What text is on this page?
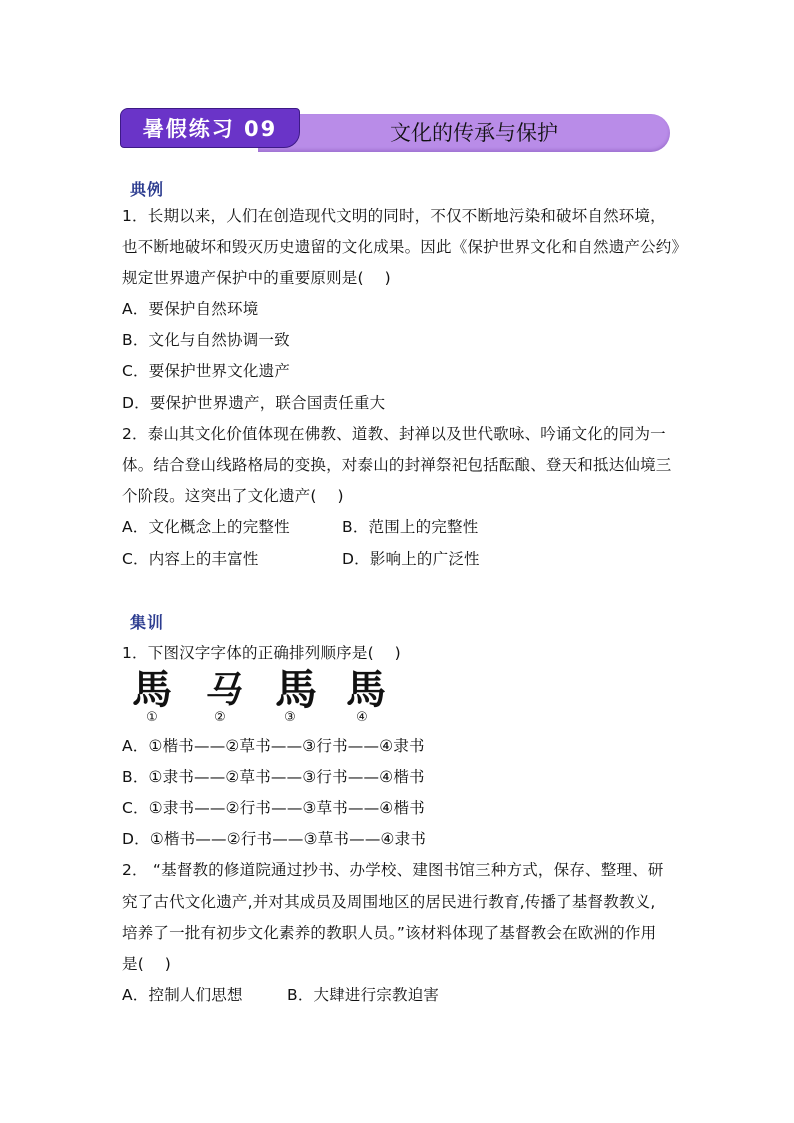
暑假练习 09	文化的传承与保护
典例
1．长期以来，人们在创造现代文明的同时，不仅不断地污染和破坏自然环境，
也不断地破坏和毁灭历史遗留的文化成果。因此《保护世界文化和自然遗产公约》
规定世界遗产保护中的重要原则是(　 )
A．要保护自然环境
B．文化与自然协调一致
C．要保护世界文化遗产
D．要保护世界遗产，联合国责任重大
2．泰山其文化价值体现在佛教、道教、封禅以及世代歌咏、吟诵文化的同为一
体。结合登山线路格局的变换，对泰山的封禅祭祀包括酝酿、登天和抵达仙境三
个阶段。这突出了文化遗产(　 )
A．文化概念上的完整性	B．范围上的完整性
C．内容上的丰富性	D．影响上的广泛性
集训
1．下图汉字字体的正确排列顺序是(　 )
馬 马 馬 馬
①	②	③	④
A．①楷书——②草书——③行书——④隶书
B．①隶书——②草书——③行书——④楷书
C．①隶书——②行书——③草书——④楷书
D．①楷书——②行书——③草书——④隶书
2． “基督教的修道院通过抄书、办学校、建图书馆三种方式，保存、整理、研
究了古代文化遗产,并对其成员及周围地区的居民进行教育,传播了基督教教义,
培养了一批有初步文化素养的教职人员。”该材料体现了基督教会在欧洲的作用
是(　 )
A．控制人们思想	B．大肆进行宗教迫害
